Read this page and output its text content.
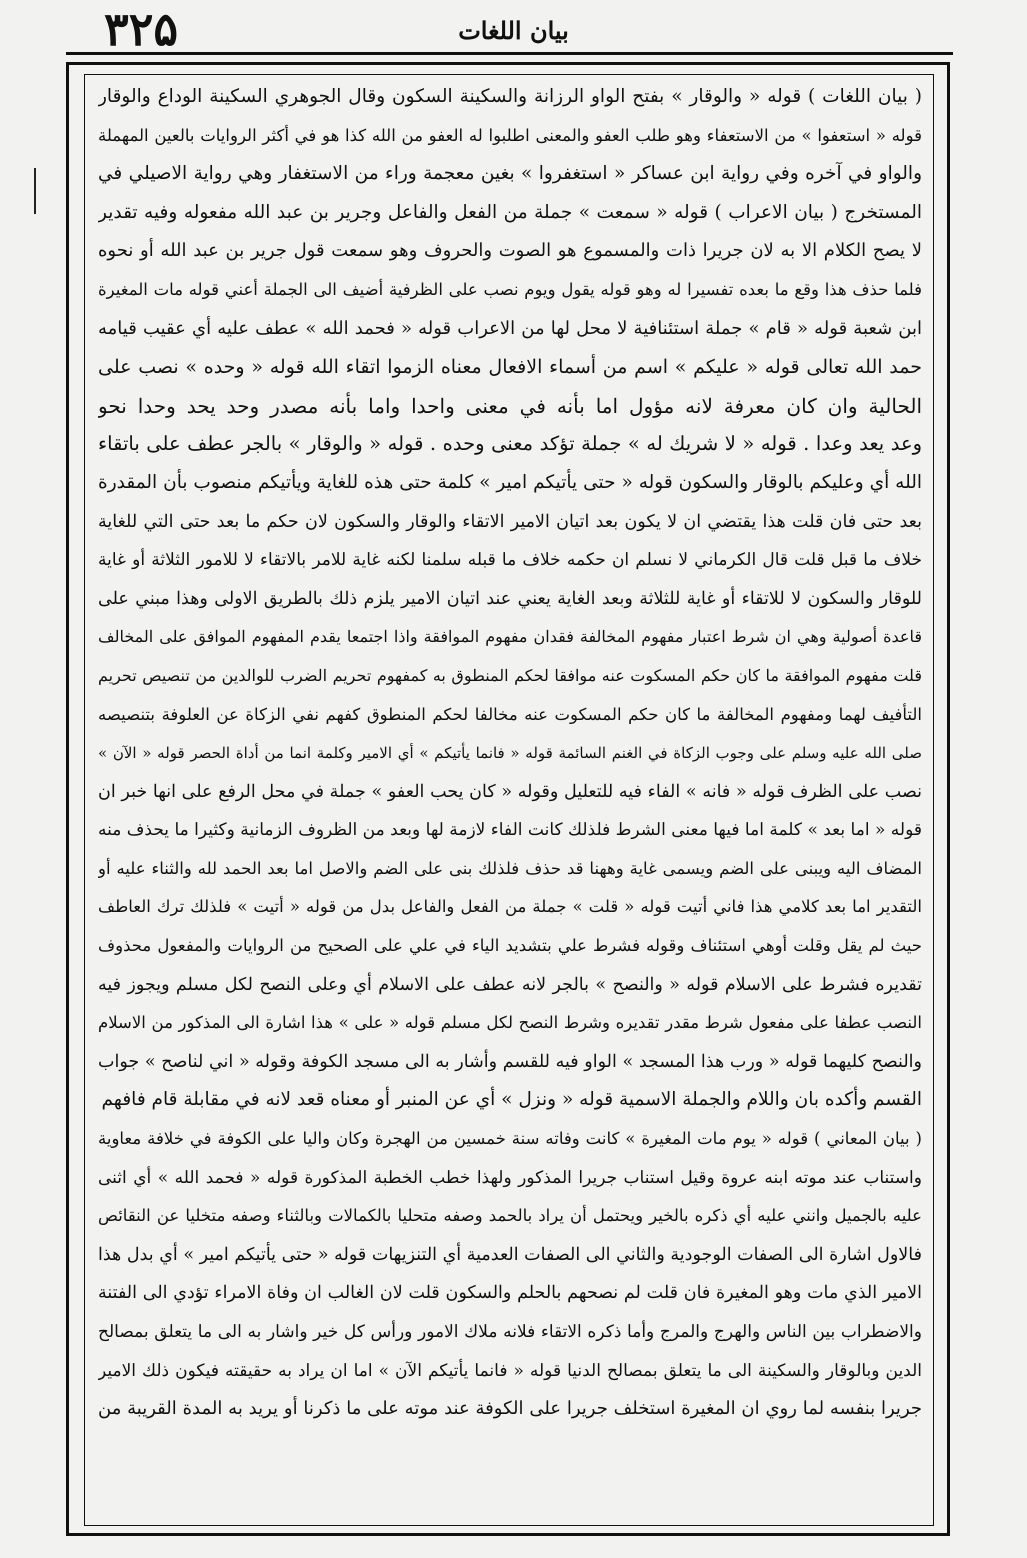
۳۲۵	بیان اللغات
( بیان اللغات ) قوله « والوقار » بفتح الواو الرزانة والسكينة السكون وقال الجوهري السكينة الوداع والوقار
قوله « استعفوا » من الاستعفاء وهو طلب العفو والمعنى اطلبوا له العفو من الله كذا هو في أكثر الروايات بالعين المهملة
والواو في آخره وفي رواية ابن عساكر « استغفروا » بغين معجمة وراء من الاستغفار وهي رواية الاصيلي في
المستخرج ( بيان الاعراب ) قوله « سمعت » جملة من الفعل والفاعل وجرير بن عبد الله مفعوله وفيه تقدير
لا يصح الكلام الا به لان جريرا ذات والمسموع هو الصوت والحروف وهو سمعت قول جرير بن عبد الله أو نحوه
فلما حذف هذا وقع ما بعده تفسيرا له وهو قوله يقول ويوم نصب على الظرفية أضيف الى الجملة أعني قوله مات المغيرة
ابن شعبة قوله « قام » جملة استئنافية لا محل لها من الاعراب قوله « فحمد الله » عطف عليه أي عقيب قيامه
حمد الله تعالى قوله « عليكم » اسم من أسماء الافعال معناه الزموا اتقاء الله قوله « وحده » نصب على
الحالية وان كان معرفة لانه مؤول اما بأنه في معنى واحدا واما بأنه مصدر وحد يحد وحدا نحو
وعد يعد وعدا . قوله « لا شريك له » جملة تؤكد معنى وحده . قوله « والوقار » بالجر عطف على باتقاء
الله أي وعليكم بالوقار والسكون قوله « حتى يأتيكم امير » كلمة حتى هذه للغاية ويأتيكم منصوب بأن المقدرة
بعد حتى فان قلت هذا يقتضي ان لا يكون بعد اتيان الامير الاتقاء والوقار والسكون لان حكم ما بعد حتى التي للغاية
خلاف ما قبل قلت قال الكرماني لا نسلم ان حكمه خلاف ما قبله سلمنا لكنه غاية للامر بالاتقاء لا للامور الثلاثة أو غاية
للوقار والسكون لا للاتقاء أو غاية للثلاثة وبعد الغاية يعني عند اتيان الامير يلزم ذلك بالطريق الاولى وهذا مبني على
قاعدة أصولية وهي ان شرط اعتبار مفهوم المخالفة فقدان مفهوم الموافقة واذا اجتمعا يقدم المفهوم الموافق على المخالف
قلت مفهوم الموافقة ما كان حكم المسكوت عنه موافقا لحكم المنطوق به كمفهوم تحريم الضرب للوالدين من تنصيص تحريم
التأفيف لهما ومفهوم المخالفة ما كان حكم المسكوت عنه مخالفا لحكم المنطوق كفهم نفي الزكاة عن العلوفة بتنصيصه
صلى الله عليه وسلم على وجوب الزكاة في الغنم السائمة قوله « فانما يأتيكم » أي الامير وكلمة انما من أداة الحصر قوله « الآن »
نصب على الظرف قوله « فانه » الفاء فيه للتعليل وقوله « كان يحب العفو » جملة في محل الرفع على انها خبر ان
قوله « اما بعد » كلمة اما فيها معنى الشرط فلذلك كانت الفاء لازمة لها وبعد من الظروف الزمانية وكثيرا ما يحذف منه
المضاف اليه ويبنى على الضم ويسمى غاية وههنا قد حذف فلذلك بنى على الضم والاصل اما بعد الحمد لله والثناء عليه أو
التقدير اما بعد كلامي هذا فاني أتيت قوله « قلت » جملة من الفعل والفاعل بدل من قوله « أتيت » فلذلك ترك العاطف
حيث لم يقل وقلت أوهي استئناف وقوله فشرط علي بتشديد الياء في علي على الصحيح من الروايات والمفعول محذوف
تقديره فشرط على الاسلام قوله « والنصح » بالجر لانه عطف على الاسلام أي وعلى النصح لكل مسلم ويجوز فيه
النصب عطفا على مفعول شرط مقدر تقديره وشرط النصح لكل مسلم قوله « على » هذا اشارة الى المذكور من الاسلام
والنصح كليهما قوله « ورب هذا المسجد » الواو فيه للقسم وأشار به الى مسجد الكوفة وقوله « اني لناصح » جواب
القسم وأكده بان واللام والجملة الاسمية قوله « ونزل » أي عن المنبر أو معناه قعد لانه في مقابلة قام فافهم
( بيان المعاني ) قوله « يوم مات المغيرة » كانت وفاته سنة خمسين من الهجرة وكان واليا على الكوفة في خلافة معاوية
واستناب عند موته ابنه عروة وقيل استناب جريرا المذكور ولهذا خطب الخطبة المذكورة قوله « فحمد الله » أي اثنى
عليه بالجميل وانني عليه أي ذكره بالخير ويحتمل أن يراد بالحمد وصفه متحليا بالكمالات وبالثناء وصفه متخليا عن النقائص
فالاول اشارة الى الصفات الوجودية والثاني الى الصفات العدمية أي التنزيهات قوله « حتى يأتيكم امير » أي بدل هذا
الامير الذي مات وهو المغيرة فان قلت لم نصحهم بالحلم والسكون قلت لان الغالب ان وفاة الامراء تؤدي الى الفتنة
والاضطراب بين الناس والهرج والمرج وأما ذكره الاتقاء فلانه ملاك الامور ورأس كل خير واشار به الى ما يتعلق بمصالح
الدين وبالوقار والسكينة الى ما يتعلق بمصالح الدنيا قوله « فانما يأتيكم الآن » اما ان يراد به حقيقته فيكون ذلك الامير
جريرا بنفسه لما روي ان المغيرة استخلف جريرا على الكوفة عند موته على ما ذكرنا أو يريد به المدة القريبة من
